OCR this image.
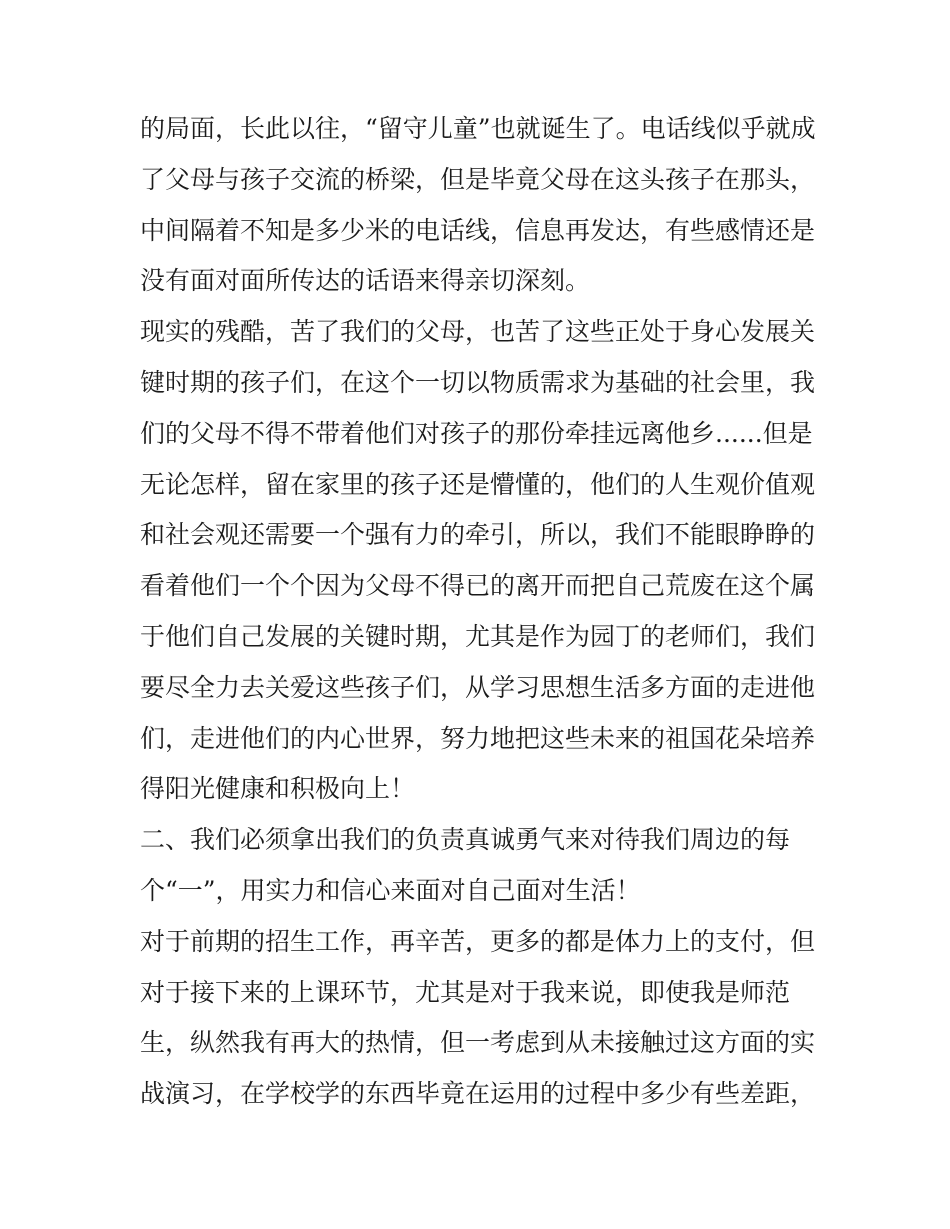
的局面，长此以往，“留守儿童”也就诞生了。电话线似乎就成
了父母与孩子交流的桥梁，但是毕竟父母在这头孩子在那头，
中间隔着不知是多少米的电话线，信息再发达，有些感情还是
没有面对面所传达的话语来得亲切深刻。
现实的残酷，苦了我们的父母，也苦了这些正处于身心发展关
键时期的孩子们，在这个一切以物质需求为基础的社会里，我
们的父母不得不带着他们对孩子的那份牵挂远离他乡......但是
无论怎样，留在家里的孩子还是懵懂的，他们的人生观价值观
和社会观还需要一个强有力的牵引，所以，我们不能眼睁睁的
看着他们一个个因为父母不得已的离开而把自己荒废在这个属
于他们自己发展的关键时期，尤其是作为园丁的老师们，我们
要尽全力去关爱这些孩子们，从学习思想生活多方面的走进他
们，走进他们的内心世界，努力地把这些未来的祖国花朵培养
得阳光健康和积极向上！
二、我们必须拿出我们的负责真诚勇气来对待我们周边的每
个“一”，用实力和信心来面对自己面对生活！
对于前期的招生工作，再辛苦，更多的都是体力上的支付，但
对于接下来的上课环节，尤其是对于我来说，即使我是师范
生，纵然我有再大的热情，但一考虑到从未接触过这方面的实
战演习，在学校学的东西毕竟在运用的过程中多少有些差距，
